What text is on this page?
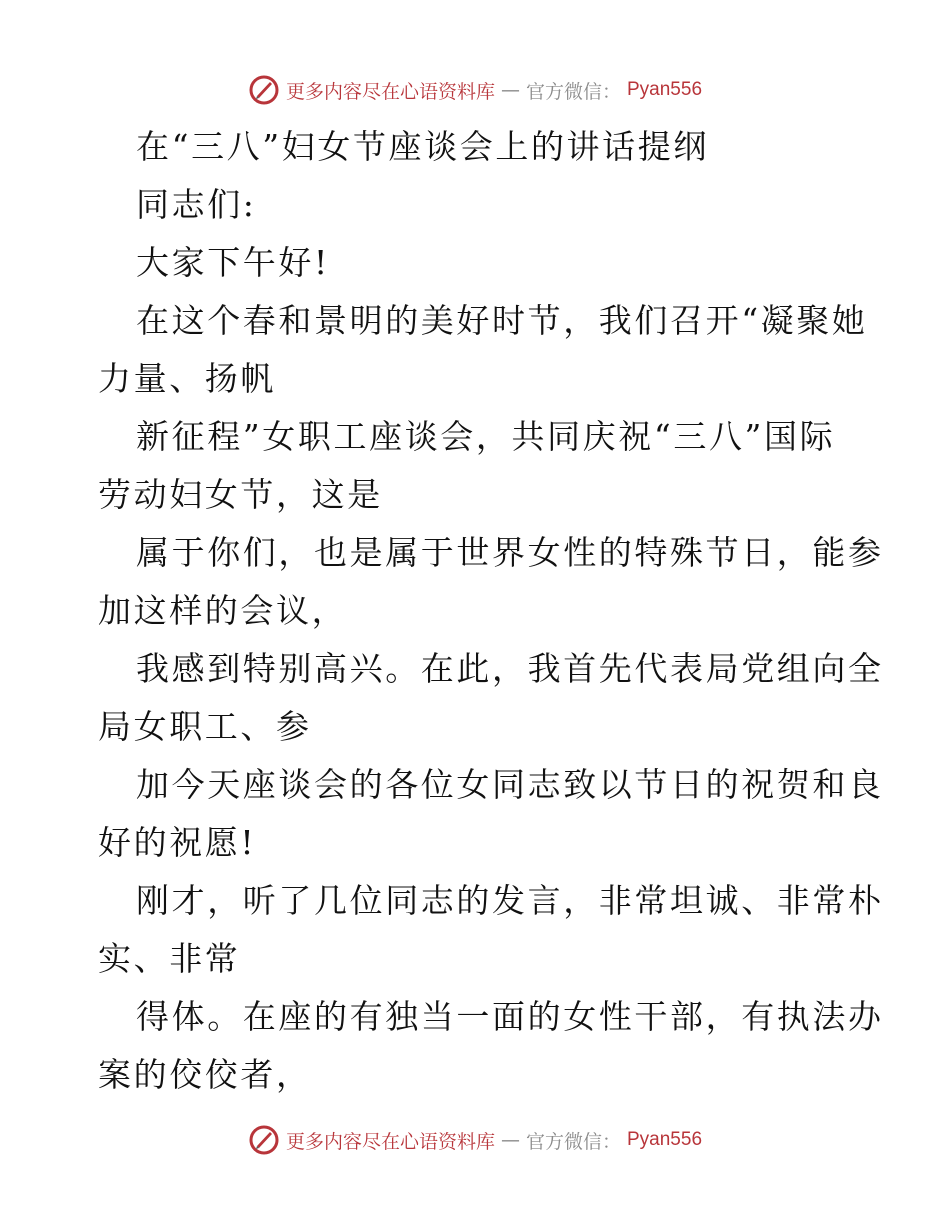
更多内容尽在心语资料库 — 官方微信： Pyan556
在“三八”妇女节座谈会上的讲话提纲
同志们:
大家下午好!
在这个春和景明的美好时节，我们召开“凝聚她
力量、扬帆
新征程”女职工座谈会，共同庆祝“三八”国际
劳动妇女节，这是
属于你们，也是属于世界女性的特殊节日，能参
加这样的会议，
我感到特别高兴。在此，我首先代表局党组向全
局女职工、参
加今天座谈会的各位女同志致以节日的祝贺和良
好的祝愿!
刚才，听了几位同志的发言，非常坦诚、非常朴
实、非常
得体。在座的有独当一面的女性干部，有执法办
案的佼佼者，
更多内容尽在心语资料库 — 官方微信： Pyan556
